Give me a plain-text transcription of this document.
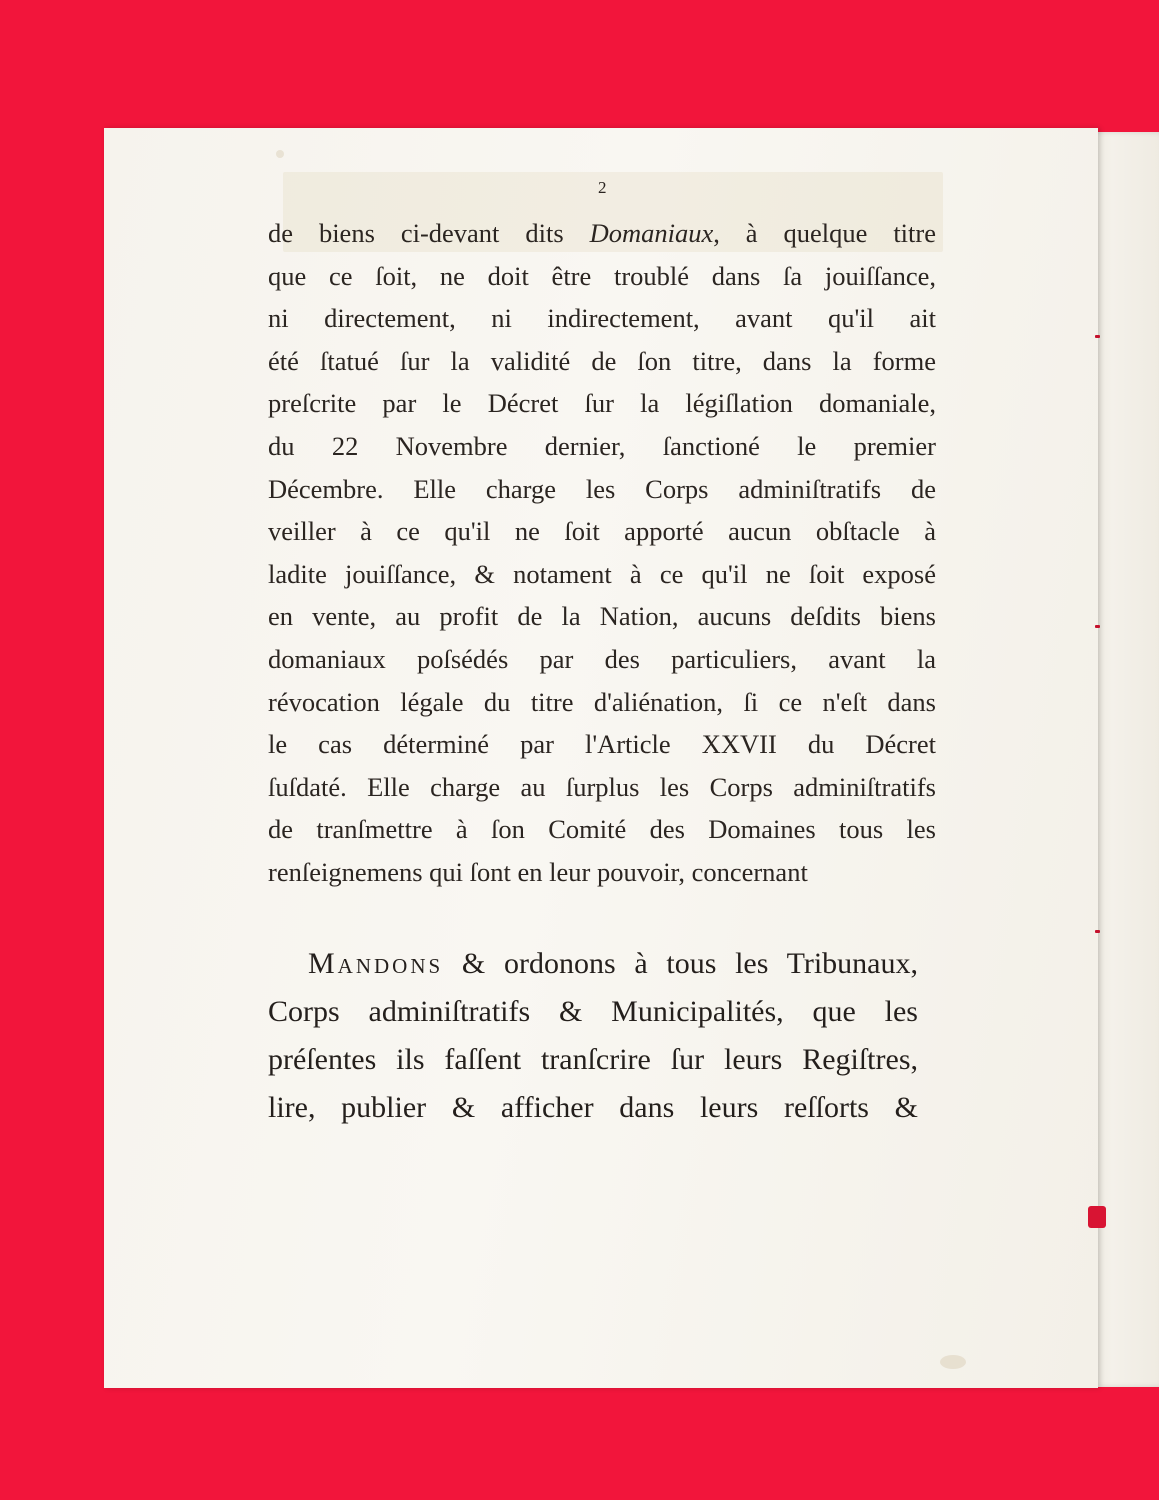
2

de biens ci-devant dits Domaniaux, à quelque titre
que ce ſoit, ne doit être troublé dans ſa jouiſſance,
ni directement, ni indirectement, avant qu'il ait
été ſtatué ſur la validité de ſon titre, dans la forme
preſcrite par le Décret ſur la légiſlation domaniale,
du 22 Novembre dernier, ſanctioné le premier
Décembre. Elle charge les Corps adminiſtratifs de
veiller à ce qu'il ne ſoit apporté aucun obſtacle à
ladite jouiſſance, & notament à ce qu'il ne ſoit exposé
en vente, au profit de la Nation, aucuns deſdits biens
domaniaux poſsédés par des particuliers, avant la
révocation légale du titre d'aliénation, ſi ce n'eſt dans
le cas déterminé par l'Article XXVII du Décret
ſuſdaté. Elle charge au ſurplus les Corps adminiſtratifs
de tranſmettre à ſon Comité des Domaines tous les
renſeignemens qui ſont en leur pouvoir, concernant

Mandons & ordonons à tous les Tribunaux,
Corps adminiſtratifs & Municipalités, que les
préſentes ils faſſent tranſcrire ſur leurs Regiſtres,
lire, publier & afficher dans leurs reſſorts &
